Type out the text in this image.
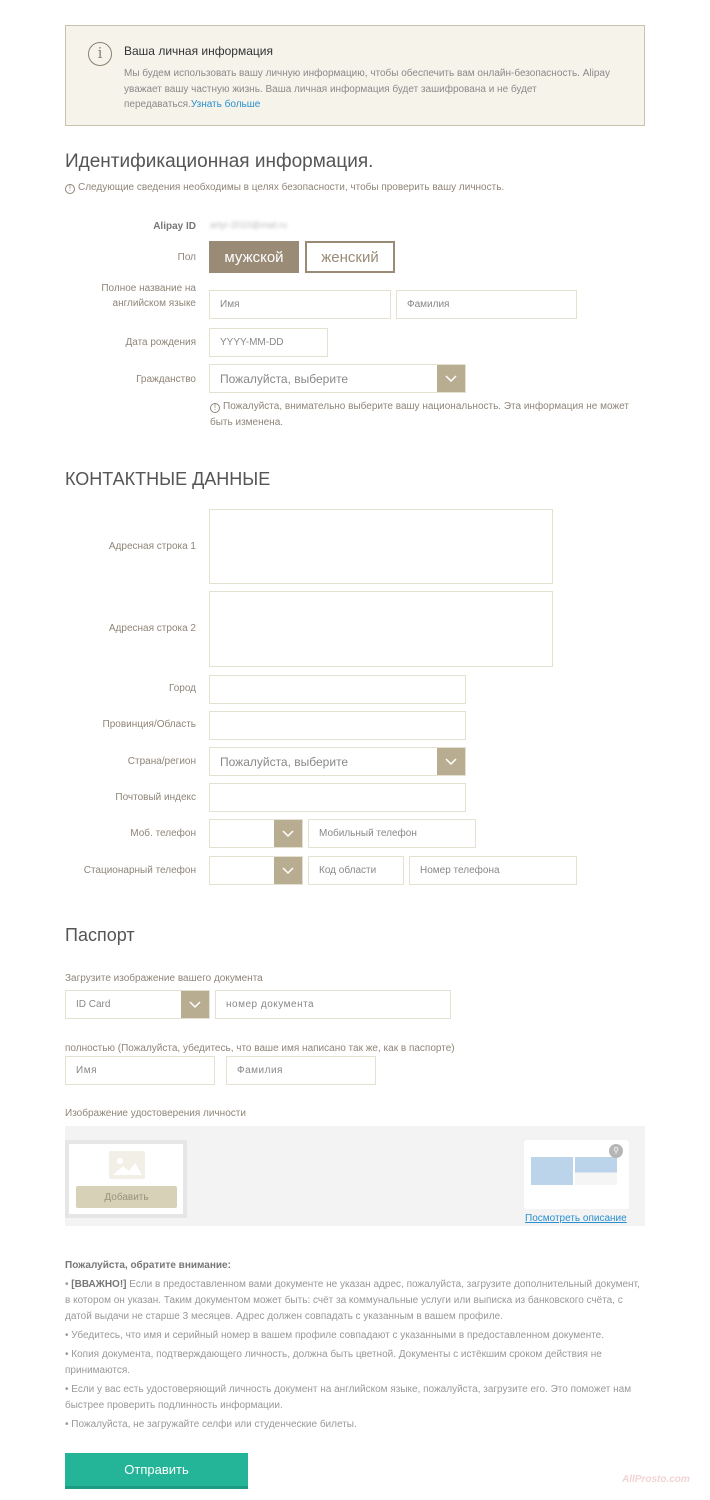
i	Ваша личная информация
Мы будем использовать вашу личную информацию, чтобы обеспечить вам онлайн-безопасность. Alipay уважает вашу частную жизнь. Ваша личная информация будет зашифрована и не будет передаваться.Узнать больше
Идентификационная информация.
! Следующие сведения необходимы в целях безопасности, чтобы проверить вашу личность.
Alipay ID artyr-2010@mail.ru
Пол	мужской	женский
Полное название на
английском языке	Имя	Фамилия
Дата рождения	YYYY-MM-DD
Гражданство	Пожалуйста, выберите
! Пожалуйста, внимательно выберите вашу национальность. Эта информация не может
быть изменена.
КОНТАКТНЫЕ ДАННЫЕ
Адресная строка 1
Адресная строка 2
Город
Провинция/Область
Страна/регион	Пожалуйста, выберите
Почтовый индекс
Моб. телефон	Мобильный телефон
Стационарный телефон	Код области	Номер телефона
Паспорт
Загрузите изображение вашего документа
ID Card	номер документа
полностью (Пожалуйста, убедитесь, что ваше имя написано так же, как в паспорте)
Имя	Фамилия
Изображение удостоверения личности
Добавить
⚲
Посмотреть описание
Пожалуйста, обратите внимание:

• [ВВАЖНО!] Если в предоставленном вами документе не указан адрес, пожалуйста, загрузите дополнительный документ, в котором он указан. Таким документом может быть: счёт за коммунальные услуги или выписка из банковского счёта, с датой выдачи не старше 3 месяцев. Адрес должен совпадать с указанным в вашем профиле.

• Убедитесь, что имя и серийный номер в вашем профиле совпадают с указанными в предоставленном документе.

• Копия документа, подтверждающего личность, должна быть цветной. Документы с истёкшим сроком действия не принимаются.

• Если у вас есть удостоверяющий личность документ на английском языке, пожалуйста, загрузите его. Это поможет нам быстрее проверить подлинность информации.

• Пожалуйста, не загружайте селфи или студенческие билеты.

Отправить
AllProsto.com
